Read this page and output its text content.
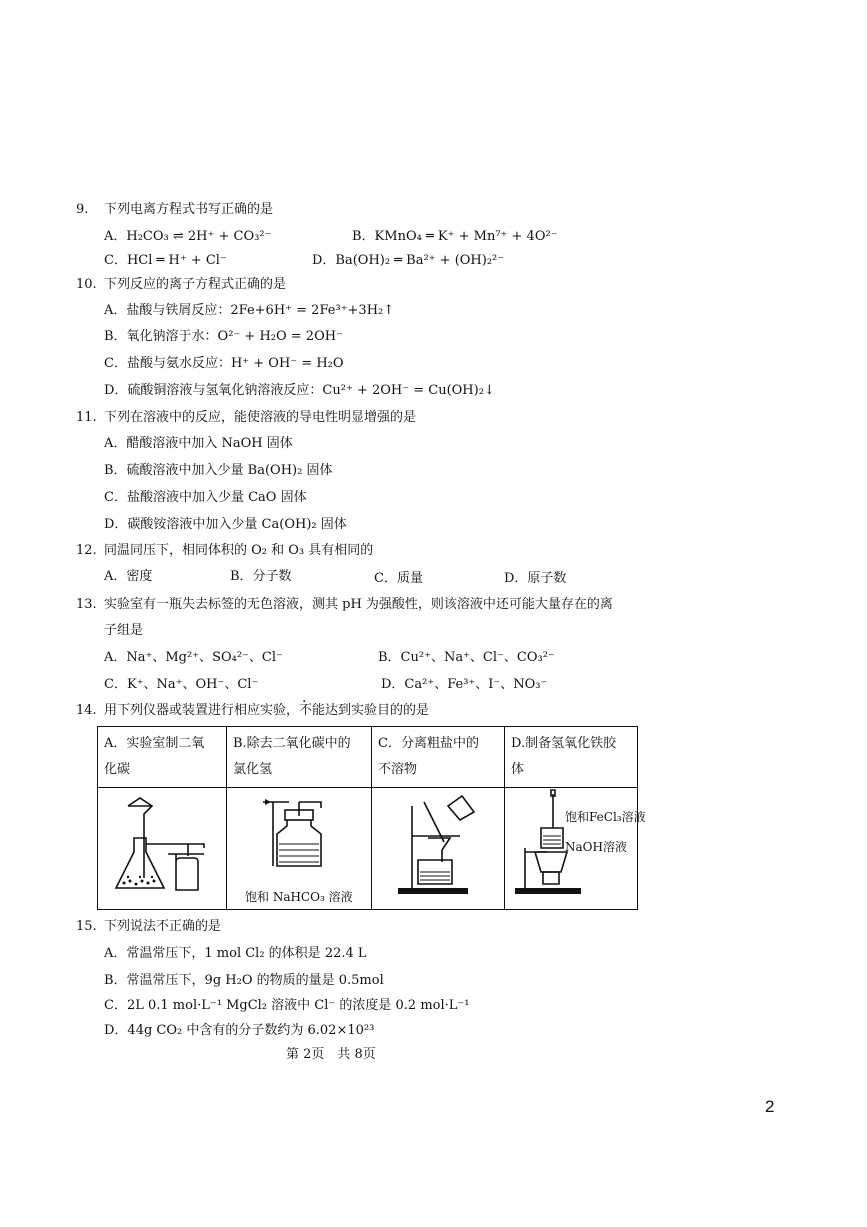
9. 下列电离方程式书写正确的是
A．H₂CO₃ ⇌ 2H⁺ + CO₃²⁻	B．KMnO₄ ═ K⁺ + Mn⁷⁺ + 4O²⁻
C．HCl ═ H⁺ + Cl⁻	D．Ba(OH)₂ ═ Ba²⁺ + (OH)₂²⁻
10. 下列反应的离子方程式正确的是
A．盐酸与铁屑反应：2Fe+6H⁺ = 2Fe³⁺+3H₂↑
B．氧化钠溶于水：O²⁻ + H₂O = 2OH⁻
C．盐酸与氨水反应：H⁺ + OH⁻ = H₂O
D．硫酸铜溶液与氢氧化钠溶液反应：Cu²⁺ + 2OH⁻ = Cu(OH)₂↓
11. 下列在溶液中的反应，能使溶液的导电性明显增强的是
A．醋酸溶液中加入 NaOH 固体
B．硫酸溶液中加入少量 Ba(OH)₂ 固体
C．盐酸溶液中加入少量 CaO 固体
D．碳酸铵溶液中加入少量 Ca(OH)₂ 固体
12. 同温同压下，相同体积的 O₂ 和 O₃ 具有相同的
A．密度	B．分子数	C．质量	D．原子数
13. 实验室有一瓶失去标签的无色溶液，测其 pH 为强酸性，则该溶液中还可能大量存在的离
子组是
A．Na⁺、Mg²⁺、SO₄²⁻、Cl⁻	B．Cu²⁺、Na⁺、Cl⁻、CO₃²⁻
C．K⁺、Na⁺、OH⁻、Cl⁻	D．Ca²⁺、Fe³⁺、I⁻、NO₃⁻
14. 用下列仪器或装置进行相应实验，不能达到实验目的的是
A．实验室制二氧
化碳	B.除去二氧化碳中的
氯化氢	C．分离粗盐中的
不溶物	D.制备氢氧化铁胶
体

饱和 NaHCO₃ 溶液		饱和FeCl₃溶液
NaOH溶液
15. 下列说法不正确的是
A．常温常压下，1 mol Cl₂ 的体积是 22.4 L
B．常温常压下，9g H₂O 的物质的量是 0.5mol
C．2L 0.1 mol·L⁻¹ MgCl₂ 溶液中 Cl⁻ 的浓度是 0.2 mol·L⁻¹
D．44g CO₂ 中含有的分子数约为 6.02×10²³
第 2页　共 8页
2
